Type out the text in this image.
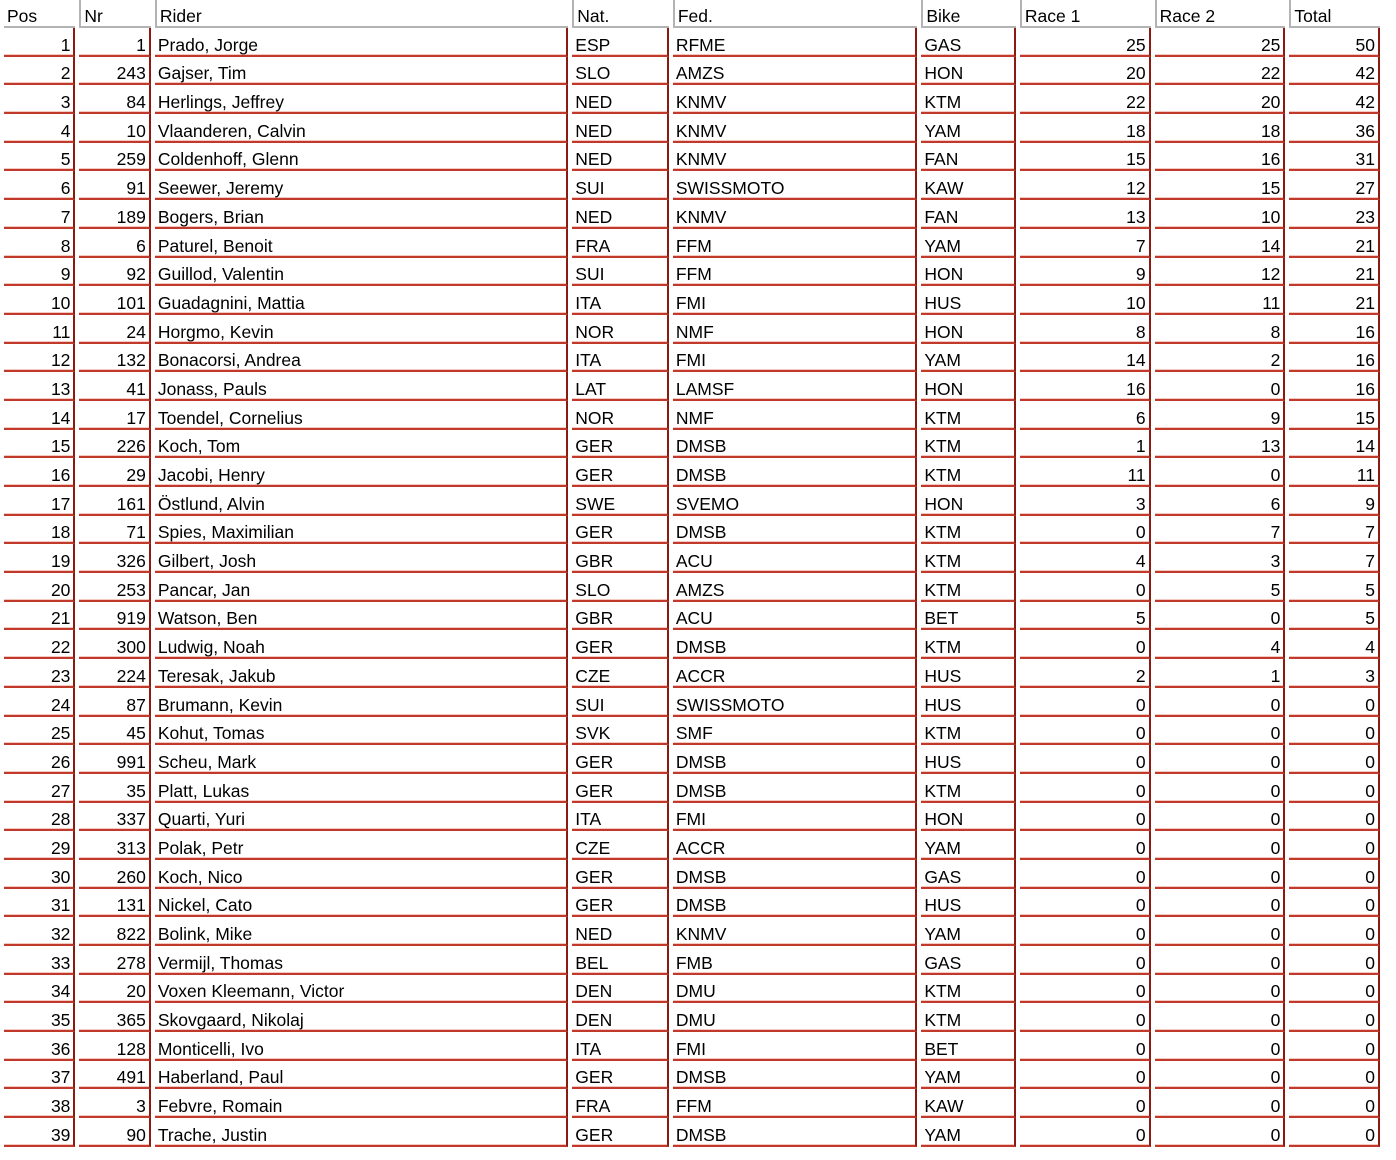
Pos	Nr	Rider	Nat.	Fed.	Bike	Race 1	Race 2	Total
1	1	Prado, Jorge	ESP	RFME	GAS	25	25	50
2	243	Gajser, Tim	SLO	AMZS	HON	20	22	42
3	84	Herlings, Jeffrey	NED	KNMV	KTM	22	20	42
4	10	Vlaanderen, Calvin	NED	KNMV	YAM	18	18	36
5	259	Coldenhoff, Glenn	NED	KNMV	FAN	15	16	31
6	91	Seewer, Jeremy	SUI	SWISSMOTO	KAW	12	15	27
7	189	Bogers, Brian	NED	KNMV	FAN	13	10	23
8	6	Paturel, Benoit	FRA	FFM	YAM	7	14	21
9	92	Guillod, Valentin	SUI	FFM	HON	9	12	21
10	101	Guadagnini, Mattia	ITA	FMI	HUS	10	11	21
11	24	Horgmo, Kevin	NOR	NMF	HON	8	8	16
12	132	Bonacorsi, Andrea	ITA	FMI	YAM	14	2	16
13	41	Jonass, Pauls	LAT	LAMSF	HON	16	0	16
14	17	Toendel, Cornelius	NOR	NMF	KTM	6	9	15
15	226	Koch, Tom	GER	DMSB	KTM	1	13	14
16	29	Jacobi, Henry	GER	DMSB	KTM	11	0	11
17	161	Östlund, Alvin	SWE	SVEMO	HON	3	6	9
18	71	Spies, Maximilian	GER	DMSB	KTM	0	7	7
19	326	Gilbert, Josh	GBR	ACU	KTM	4	3	7
20	253	Pancar, Jan	SLO	AMZS	KTM	0	5	5
21	919	Watson, Ben	GBR	ACU	BET	5	0	5
22	300	Ludwig, Noah	GER	DMSB	KTM	0	4	4
23	224	Teresak, Jakub	CZE	ACCR	HUS	2	1	3
24	87	Brumann, Kevin	SUI	SWISSMOTO	HUS	0	0	0
25	45	Kohut, Tomas	SVK	SMF	KTM	0	0	0
26	991	Scheu, Mark	GER	DMSB	HUS	0	0	0
27	35	Platt, Lukas	GER	DMSB	KTM	0	0	0
28	337	Quarti, Yuri	ITA	FMI	HON	0	0	0
29	313	Polak, Petr	CZE	ACCR	YAM	0	0	0
30	260	Koch, Nico	GER	DMSB	GAS	0	0	0
31	131	Nickel, Cato	GER	DMSB	HUS	0	0	0
32	822	Bolink, Mike	NED	KNMV	YAM	0	0	0
33	278	Vermijl, Thomas	BEL	FMB	GAS	0	0	0
34	20	Voxen Kleemann, Victor	DEN	DMU	KTM	0	0	0
35	365	Skovgaard, Nikolaj	DEN	DMU	KTM	0	0	0
36	128	Monticelli, Ivo	ITA	FMI	BET	0	0	0
37	491	Haberland, Paul	GER	DMSB	YAM	0	0	0
38	3	Febvre, Romain	FRA	FFM	KAW	0	0	0
39	90	Trache, Justin	GER	DMSB	YAM	0	0	0
